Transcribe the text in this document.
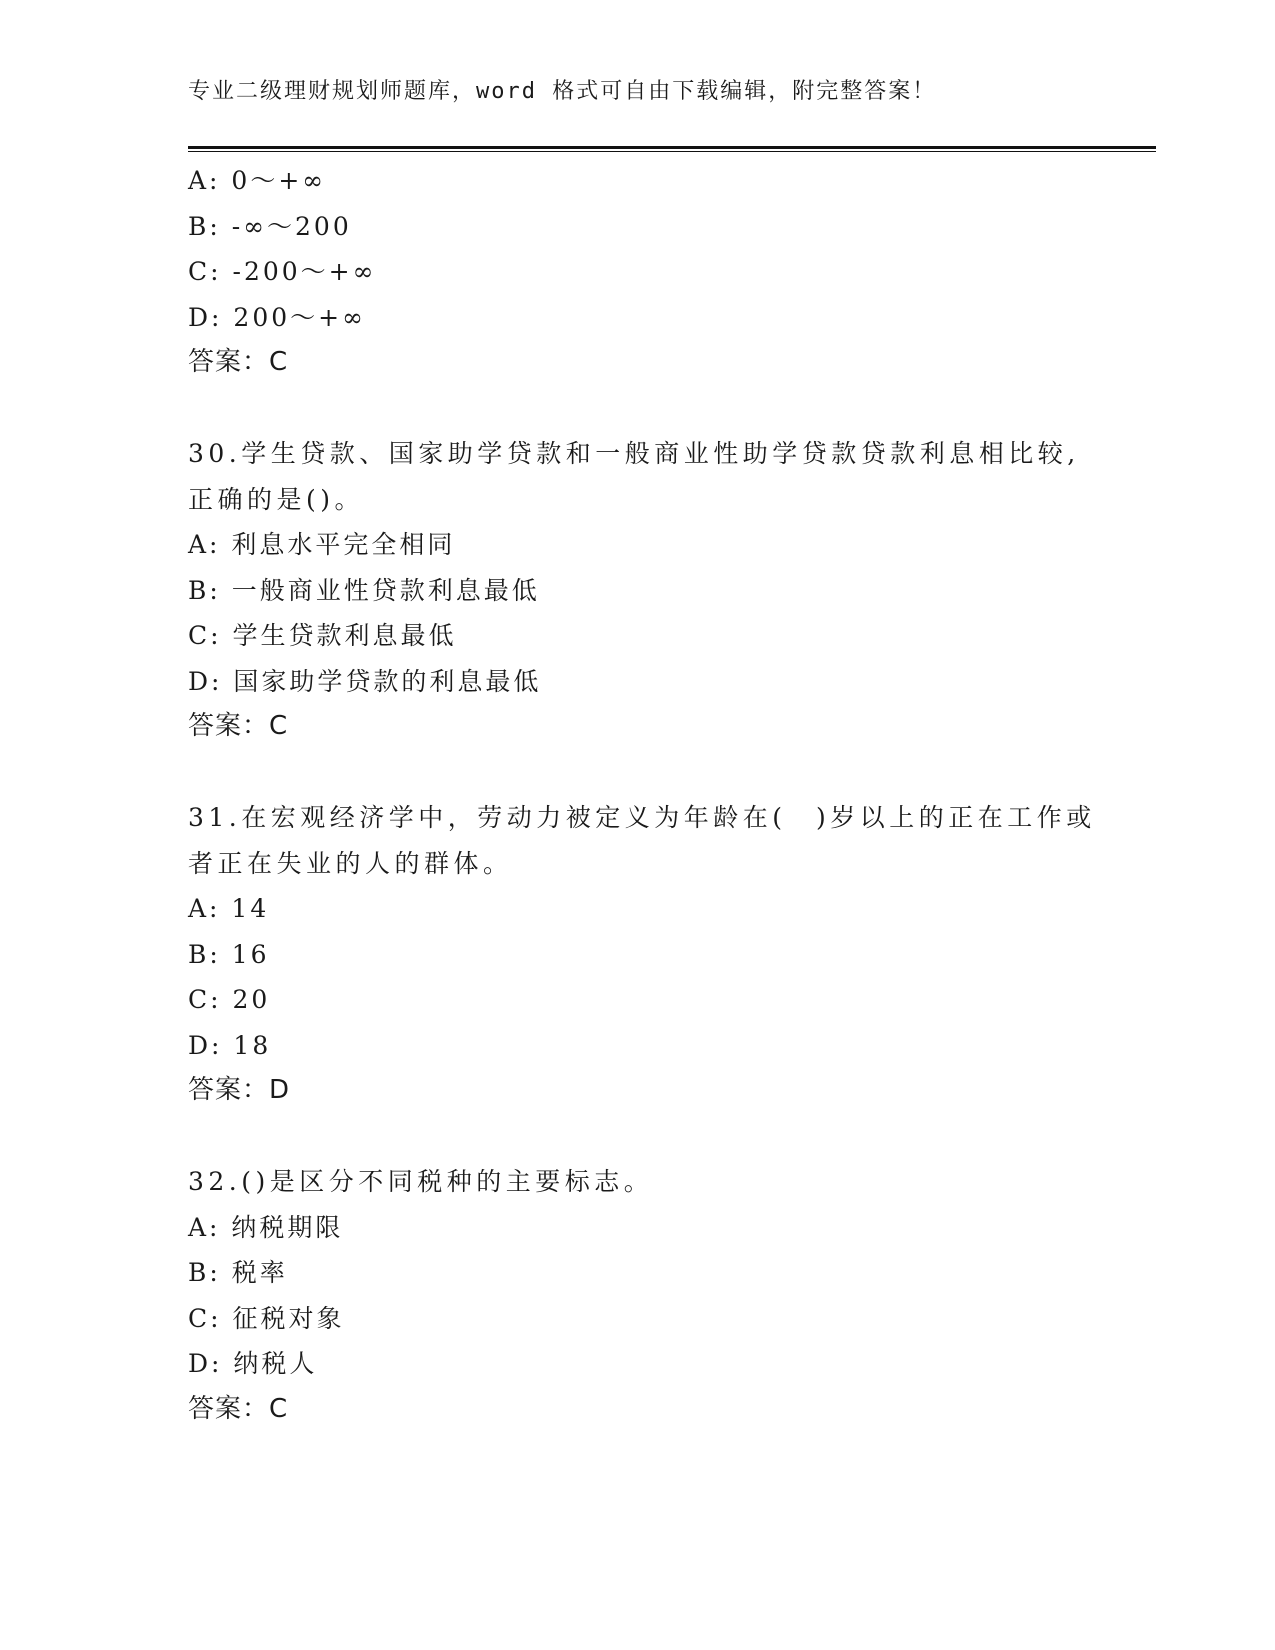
专业二级理财规划师题库，word 格式可自由下载编辑，附完整答案！
A: 0～+∞
B: -∞～200
C: -200～+∞
D: 200～+∞
答案：C
30.学生贷款、国家助学贷款和一般商业性助学贷款贷款利息相比较,
正确的是()。
A: 利息水平完全相同
B: 一般商业性贷款利息最低
C: 学生贷款利息最低
D: 国家助学贷款的利息最低
答案：C
31.在宏观经济学中，劳动力被定义为年龄在(　)岁以上的正在工作或
者正在失业的人的群体。
A: 14
B: 16
C: 20
D: 18
答案：D
32.()是区分不同税种的主要标志。
A: 纳税期限
B: 税率
C: 征税对象
D: 纳税人
答案：C
